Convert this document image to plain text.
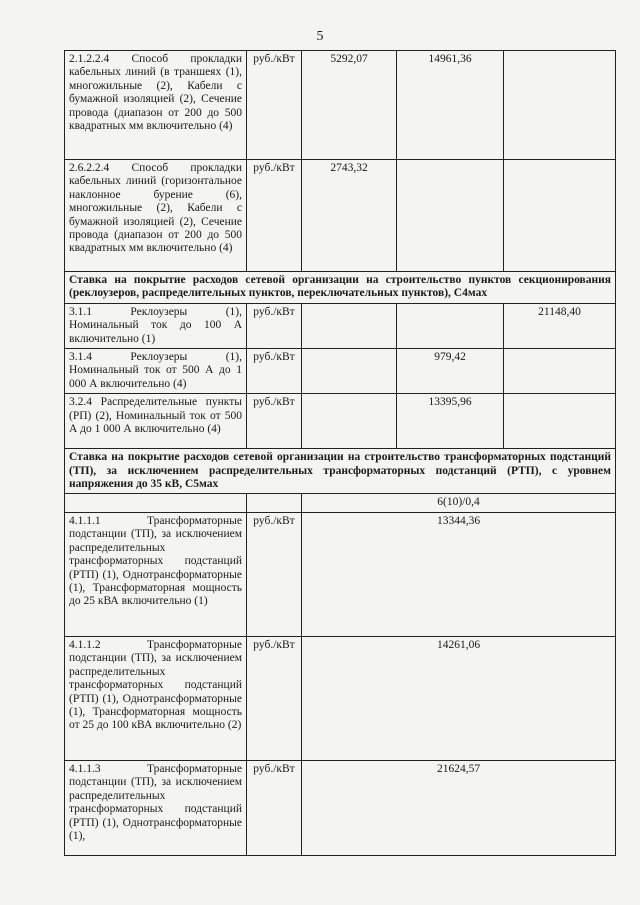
5
2.1.2.2.4 Способ прокладки кабельных линий (в траншеях (1), многожильные (2), Кабели с бумажной изоляцией (2), Сечение провода (диапазон от 200 до 500 квадратных мм включительно (4)	руб./кВт	5292,07	14961,36	
2.6.2.2.4 Способ прокладки кабельных линий (горизонтальное наклонное бурение (6), многожильные (2), Кабели с бумажной изоляцией (2), Сечение провода (диапазон от 200 до 500 квадратных мм включительно (4)	руб./кВт	2743,32		
Ставка на покрытие расходов сетевой организации на строительство пунктов секционирования (реклоузеров, распределительных пунктов, переключательных пунктов), С4мах				
3.1.1 Реклоузеры (1), Номинальный ток до 100 А включительно (1)	руб./кВт			21148,40
3.1.4 Реклоузеры (1), Номинальный ток от 500 А до 1 000 А включительно (4)	руб./кВт		979,42	
3.2.4 Распределительные пункты (РП) (2), Номинальный ток от 500 А до 1 000 А включительно (4)	руб./кВт		13395,96	
Ставка на покрытие расходов сетевой организации на строительство трансформаторных подстанций (ТП), за исключением распределительных трансформаторных подстанций (РТП), с уровнем напряжения до 35 кВ, С5мах				
		6(10)/0,4		
4.1.1.1 Трансформаторные подстанции (ТП), за исключением распределительных трансформаторных подстанций (РТП) (1), Однотрансформаторные (1), Трансформаторная мощность до 25 кВА включительно (1)	руб./кВт	13344,36		
4.1.1.2 Трансформаторные подстанции (ТП), за исключением распределительных трансформаторных подстанций (РТП) (1), Однотрансформаторные (1), Трансформаторная мощность от 25 до 100 кВА включительно (2)	руб./кВт	14261,06		
4.1.1.3 Трансформаторные подстанции (ТП), за исключением распределительных трансформаторных подстанций (РТП) (1), Однотрансформаторные (1),	руб./кВт	21624,57		
